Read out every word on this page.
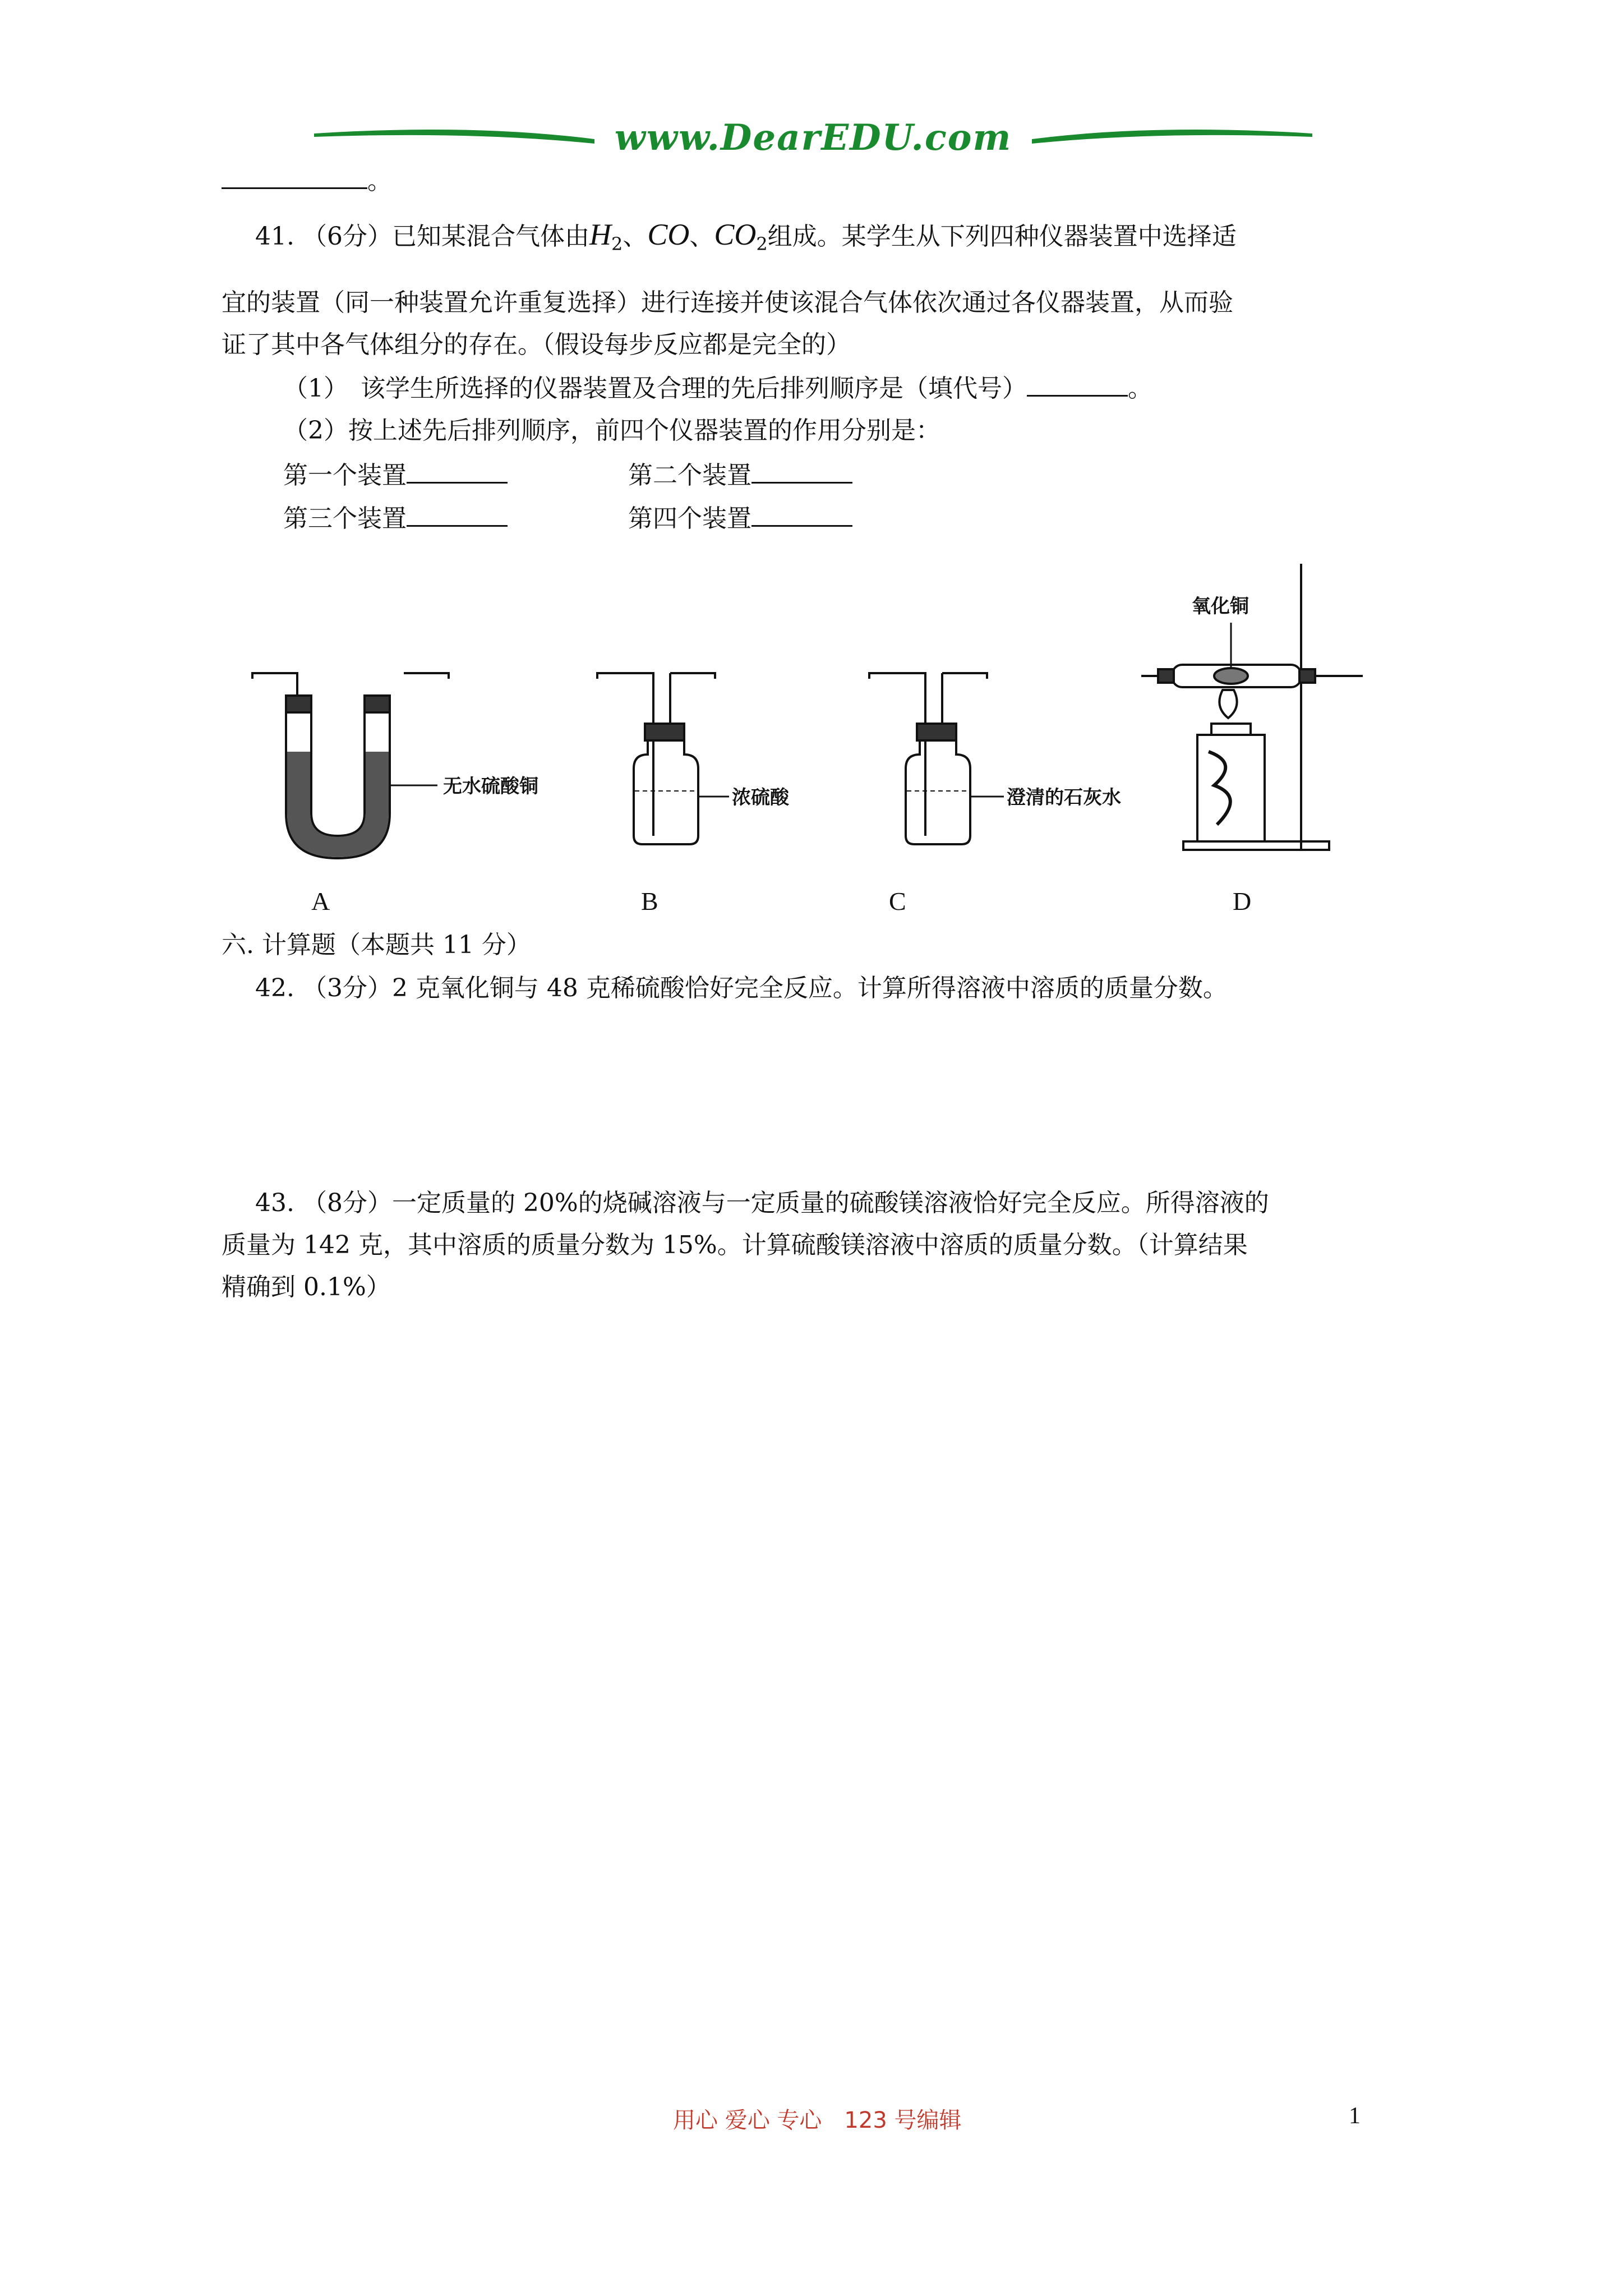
www.DearEDU.com
。
41. （6分）已知某混合气体由$H_2$、CO、$CO_2$组成。某学生从下列四种仪器装置中选择适
宜的装置（同一种装置允许重复选择）进行连接并使该混合气体依次通过各仪器装置，从而验
证了其中各气体组分的存在。（假设每步反应都是完全的）
（1）　该学生所选择的仪器装置及合理的先后排列顺序是（填代号）	。
（2）按上述先后排列顺序，前四个仪器装置的作用分别是：
第一个装置	第二个装置
第三个装置	第四个装置
无水硫酸铜	浓硫酸	澄清的石灰水
氧化铜
A	B	C	D
六. 计算题（本题共 11 分）
42. （3分）2 克氧化铜与 48 克稀硫酸恰好完全反应。计算所得溶液中溶质的质量分数。
43. （8分）一定质量的 20%的烧碱溶液与一定质量的硫酸镁溶液恰好完全反应。所得溶液的
质量为 142 克，其中溶质的质量分数为 15%。计算硫酸镁溶液中溶质的质量分数。（计算结果
精确到 0.1%）
用心 爱心 专心　123 号编辑	1
